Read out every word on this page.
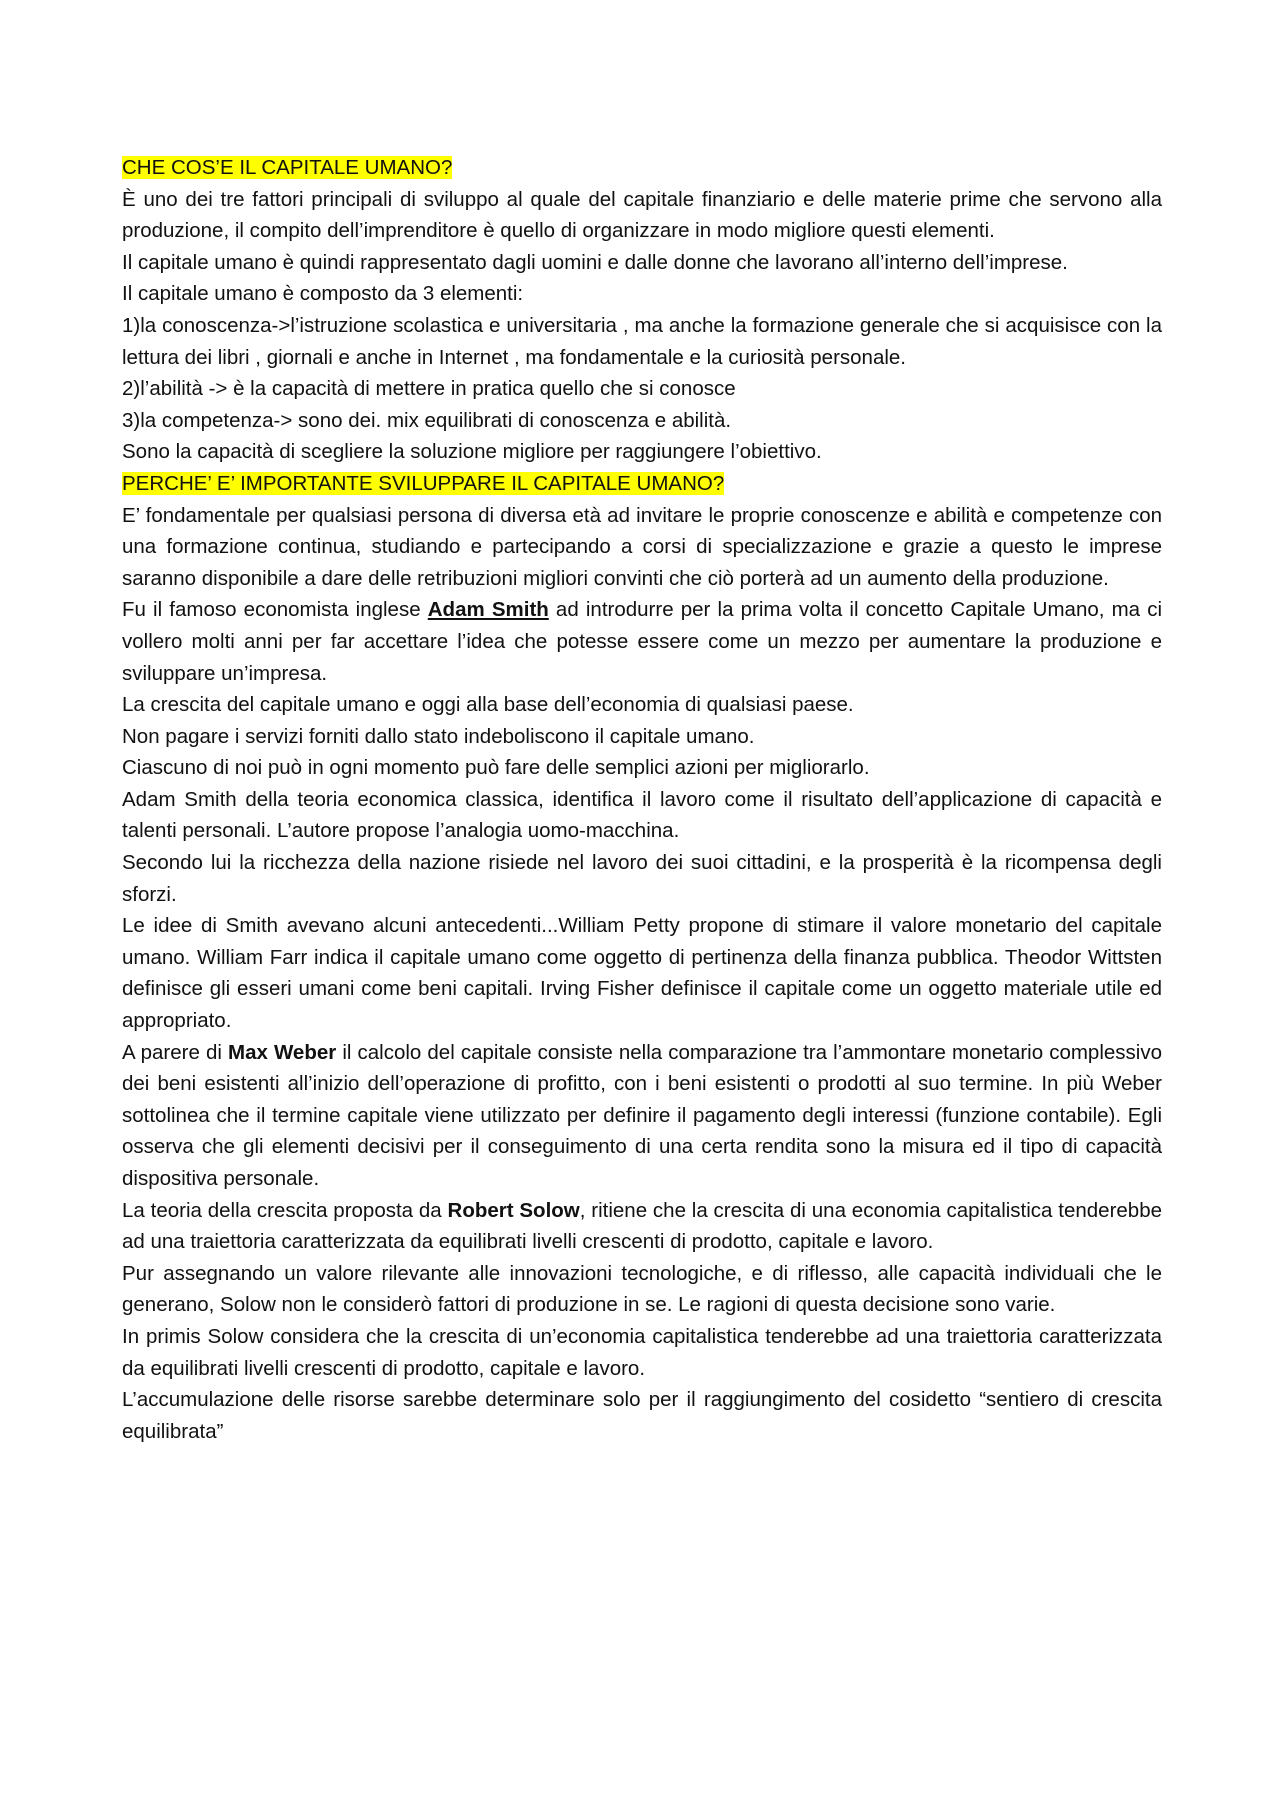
CHE COS’E IL CAPITALE UMANO?

È uno dei tre fattori principali di sviluppo al quale del capitale finanziario e delle materie prime che servono alla produzione, il compito dell’imprenditore è quello di organizzare in modo migliore questi elementi.

Il capitale umano è quindi rappresentato dagli uomini e dalle donne che lavorano all’interno dell’imprese.

Il capitale umano è composto da 3 elementi:

1)la conoscenza->l’istruzione scolastica e universitaria , ma anche la formazione generale che si acquisisce con la lettura dei libri , giornali e anche in Internet , ma fondamentale e la curiosità personale.

2)l’abilità -> è la capacità di mettere in pratica quello che si conosce

3)la competenza-> sono dei. mix equilibrati di conoscenza e abilità.

Sono la capacità di scegliere la soluzione migliore per raggiungere l’obiettivo.

PERCHE’ E’ IMPORTANTE SVILUPPARE IL CAPITALE UMANO?

E’ fondamentale per qualsiasi persona di diversa età ad invitare le proprie conoscenze e abilità e competenze con una formazione continua, studiando e partecipando a corsi di specializzazione e grazie a questo le imprese saranno disponibile a dare delle retribuzioni migliori convinti che ciò porterà ad un aumento della produzione.

Fu il famoso economista inglese Adam Smith ad introdurre per la prima volta il concetto Capitale Umano, ma ci vollero molti anni per far accettare l’idea che potesse essere come un mezzo per aumentare la produzione e sviluppare un’impresa.

La crescita del capitale umano e oggi alla base dell’economia di qualsiasi paese.

Non pagare i servizi forniti dallo stato indeboliscono il capitale umano.

Ciascuno di noi può in ogni momento può fare delle semplici azioni per migliorarlo.

Adam Smith della teoria economica classica, identifica il lavoro come il risultato dell’applicazione di capacità e talenti personali. L’autore propose l’analogia uomo-macchina.

Secondo lui la ricchezza della nazione risiede nel lavoro dei suoi cittadini, e la prosperità è la ricompensa degli sforzi.

Le idee di Smith avevano alcuni antecedenti...William Petty propone di stimare il valore monetario del capitale umano. William Farr indica il capitale umano come oggetto di pertinenza della finanza pubblica. Theodor Wittsten definisce gli esseri umani come beni capitali. Irving Fisher definisce il capitale come un oggetto materiale utile ed appropriato.

A parere di Max Weber il calcolo del capitale consiste nella comparazione tra l’ammontare monetario complessivo dei beni esistenti all’inizio dell’operazione di profitto, con i beni esistenti o prodotti al suo termine. In più Weber sottolinea che il termine capitale viene utilizzato per definire il pagamento degli interessi (funzione contabile). Egli osserva che gli elementi decisivi per il conseguimento di una certa rendita sono la misura ed il tipo di capacità dispositiva personale.

La teoria della crescita proposta da Robert Solow, ritiene che la crescita di una economia capitalistica tenderebbe ad una traiettoria caratterizzata da equilibrati livelli crescenti di prodotto, capitale e lavoro.

Pur assegnando un valore rilevante alle innovazioni tecnologiche, e di riflesso, alle capacità individuali che le generano, Solow non le considerò fattori di produzione in se. Le ragioni di questa decisione sono varie.

In primis Solow considera che la crescita di un’economia capitalistica tenderebbe ad una traiettoria caratterizzata da equilibrati livelli crescenti di prodotto, capitale e lavoro.

L’accumulazione delle risorse sarebbe determinare solo per il raggiungimento del cosidetto “sentiero di crescita equilibrata”
